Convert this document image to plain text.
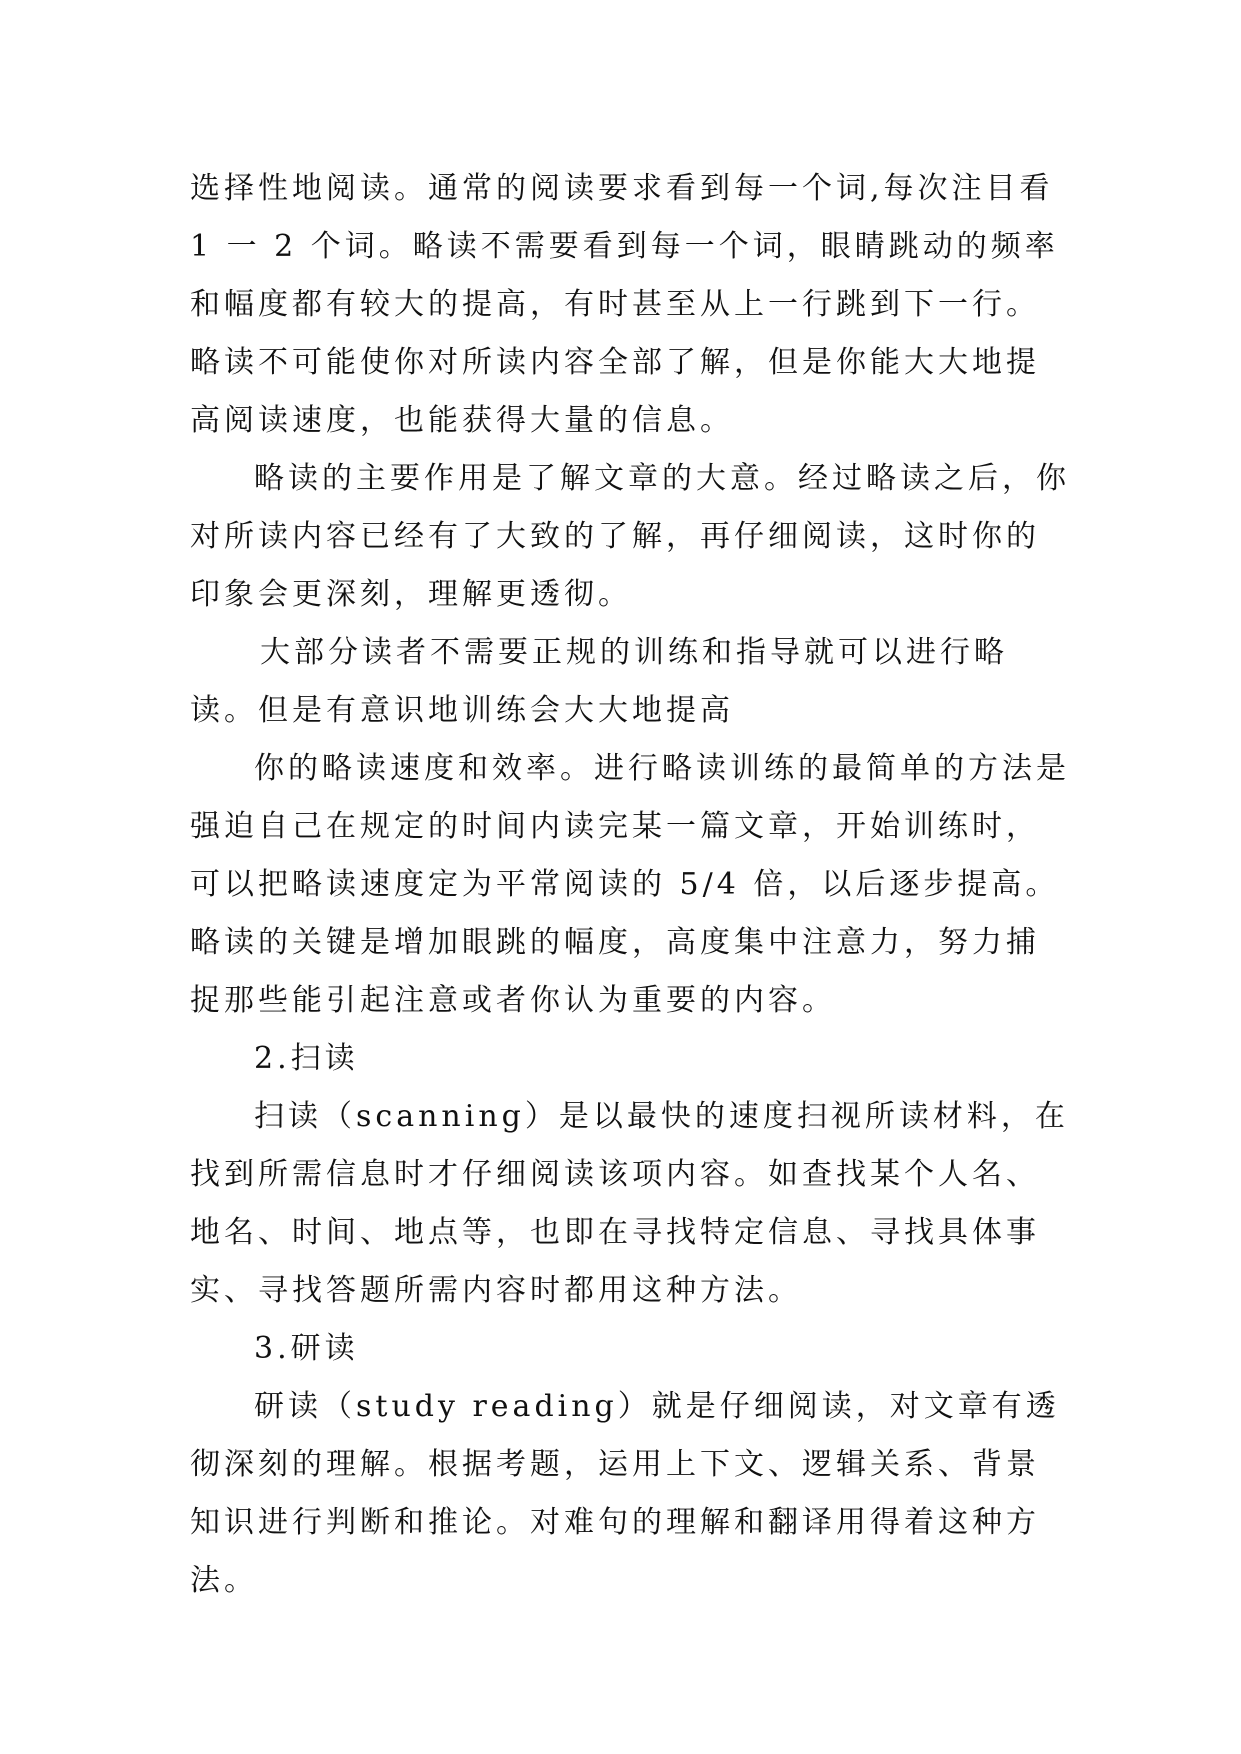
选择性地阅读。通常的阅读要求看到每一个词,每次注目看 1 一 2 个词。略读不需要看到每一个词，眼睛跳动的频率和幅度都有较大的提高，有时甚至从上一行跳到下一行。略读不可能使你对所读内容全部了解，但是你能大大地提高阅读速度，也能获得大量的信息。

略读的主要作用是了解文章的大意。经过略读之后，你对所读内容已经有了大致的了解，再仔细阅读，这时你的印象会更深刻，理解更透彻。

大部分读者不需要正规的训练和指导就可以进行略读。但是有意识地训练会大大地提高

你的略读速度和效率。进行略读训练的最简单的方法是强迫自己在规定的时间内读完某一篇文章，开始训练时，可以把略读速度定为平常阅读的 5/4 倍，以后逐步提高。略读的关键是增加眼跳的幅度，高度集中注意力，努力捕捉那些能引起注意或者你认为重要的内容。

2.扫读

扫读（scanning）是以最快的速度扫视所读材料，在找到所需信息时才仔细阅读该项内容。如查找某个人名、地名、时间、地点等，也即在寻找特定信息、寻找具体事实、寻找答题所需内容时都用这种方法。

3.研读

研读（study reading）就是仔细阅读，对文章有透彻深刻的理解。根据考题，运用上下文、逻辑关系、背景知识进行判断和推论。对难句的理解和翻译用得着这种方法。
